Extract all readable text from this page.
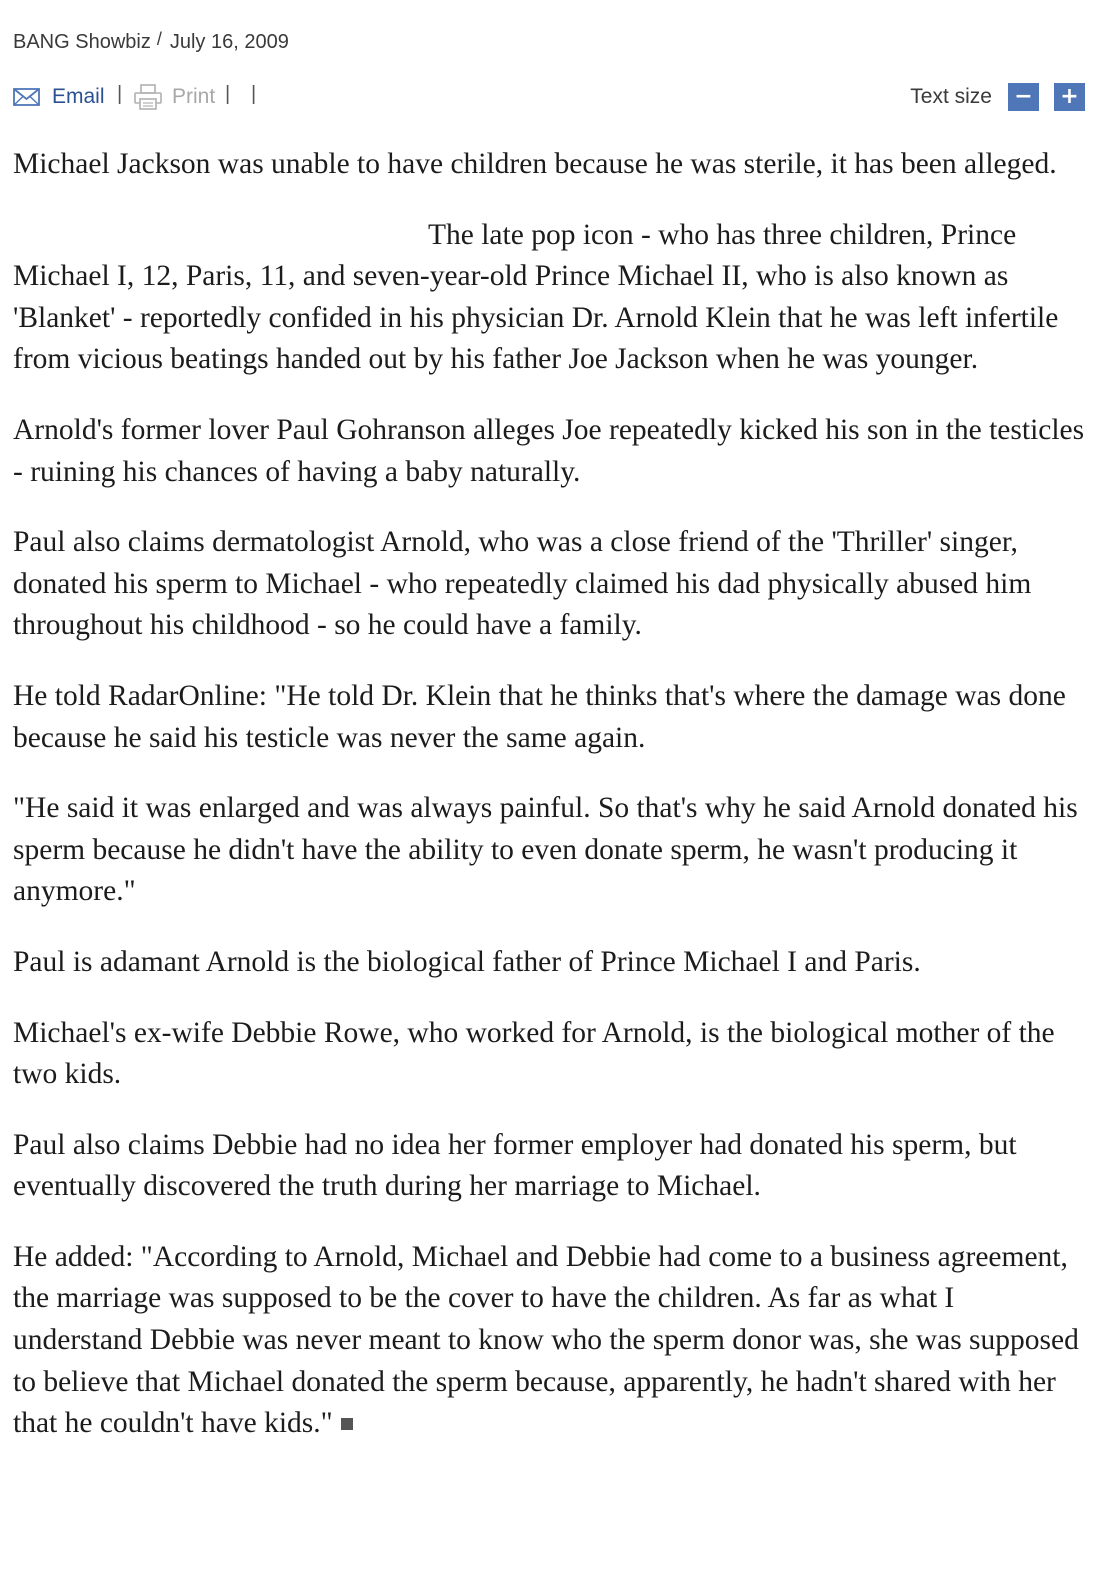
BANG Showbiz / July 16, 2009
Email | Print | |	Text size − +

Michael Jackson was unable to have children because he was sterile, it has been alleged.

The late pop icon - who has three children, Prince Michael I, 12, Paris, 11, and seven-year-old Prince Michael II, who is also known as 'Blanket' - reportedly confided in his physician Dr. Arnold Klein that he was left infertile from vicious beatings handed out by his father Joe Jackson when he was younger.

Arnold's former lover Paul Gohranson alleges Joe repeatedly kicked his son in the testicles - ruining his chances of having a baby naturally.

Paul also claims dermatologist Arnold, who was a close friend of the 'Thriller' singer, donated his sperm to Michael - who repeatedly claimed his dad physically abused him throughout his childhood - so he could have a family.

He told RadarOnline: "He told Dr. Klein that he thinks that's where the damage was done because he said his testicle was never the same again.

"He said it was enlarged and was always painful. So that's why he said Arnold donated his sperm because he didn't have the ability to even donate sperm, he wasn't producing it anymore."

Paul is adamant Arnold is the biological father of Prince Michael I and Paris.

Michael's ex-wife Debbie Rowe, who worked for Arnold, is the biological mother of the two kids.

Paul also claims Debbie had no idea her former employer had donated his sperm, but eventually discovered the truth during her marriage to Michael.

He added: "According to Arnold, Michael and Debbie had come to a business agreement, the marriage was supposed to be the cover to have the children. As far as what I understand Debbie was never meant to know who the sperm donor was, she was supposed to believe that Michael donated the sperm because, apparently, he hadn't shared with her that he couldn't have kids."
